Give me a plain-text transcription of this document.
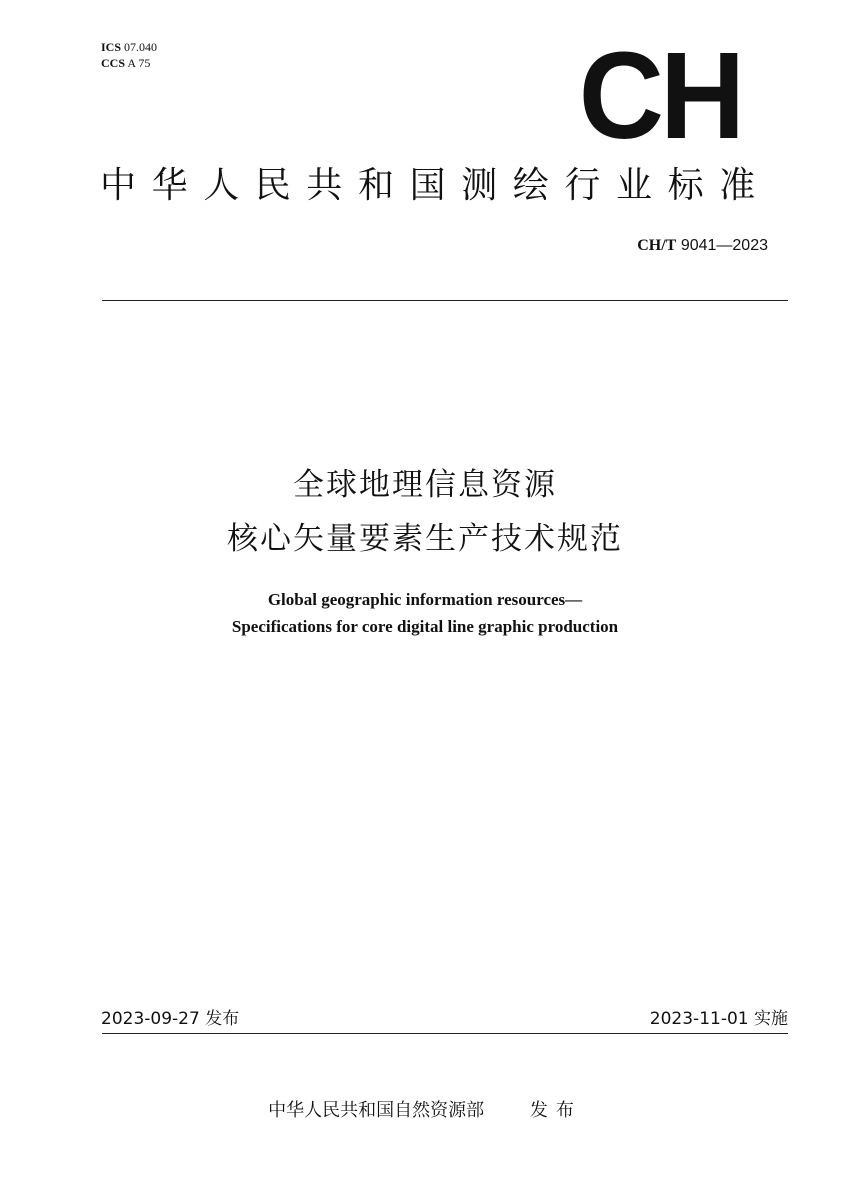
ICS 07.040
CCS A 75	CH
中华人民共和国测绘行业标准
CH/T 9041—2023
全球地理信息资源
核心矢量要素生产技术规范
Global geographic information resources—
Specifications for core digital line graphic production
2023-09-27 发布	2023-11-01 实施
中华人民共和国自然资源部	发布
